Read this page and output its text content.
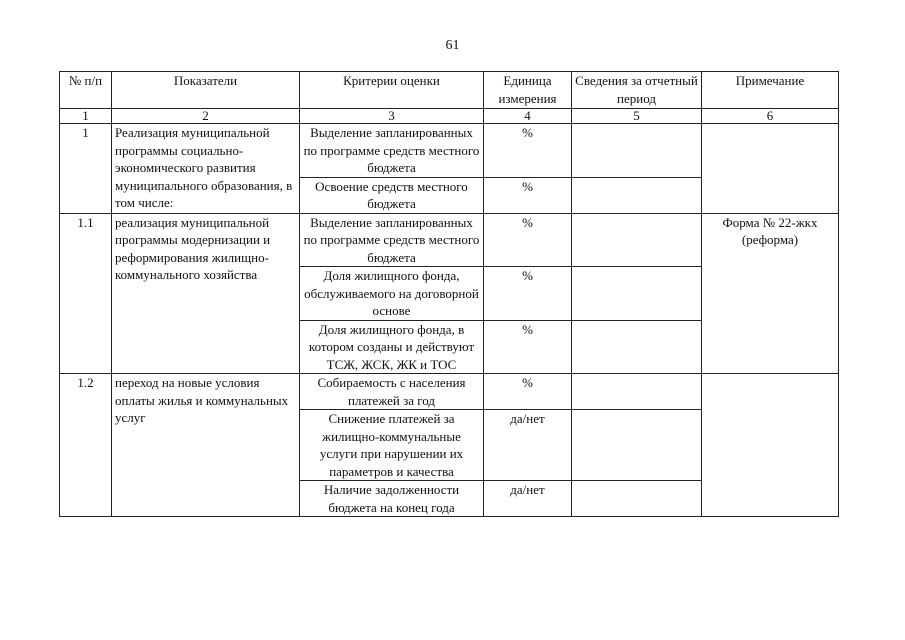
61
№ п/п	Показатели	Критерии оценки	Единица измерения	Сведения за отчетный период	Примечание
1	2	3	4	5	6
1	Реализация муниципальной программы социально-экономического развития муниципального образования, в том числе:	Выделение запланированных по программе средств местного бюджета	%		
		Освоение средств местного бюджета	%		
1.1	реализация муниципальной программы модернизации и реформирования жилищно-коммунального хозяйства	Выделение запланированных по программе средств местного бюджета	%		Форма № 22-жкх (реформа)
		Доля жилищного фонда, обслуживаемого на договорной основе	%		
		Доля жилищного фонда, в котором созданы и действуют ТСЖ, ЖСК, ЖК и ТОС	%		
1.2	переход на новые условия оплаты жилья и коммунальных услуг	Собираемость с населения платежей за год	%		
		Снижение платежей за жилищно-коммунальные услуги при нарушении их параметров и качества	да/нет		
		Наличие задолженности бюджета на конец года	да/нет		
